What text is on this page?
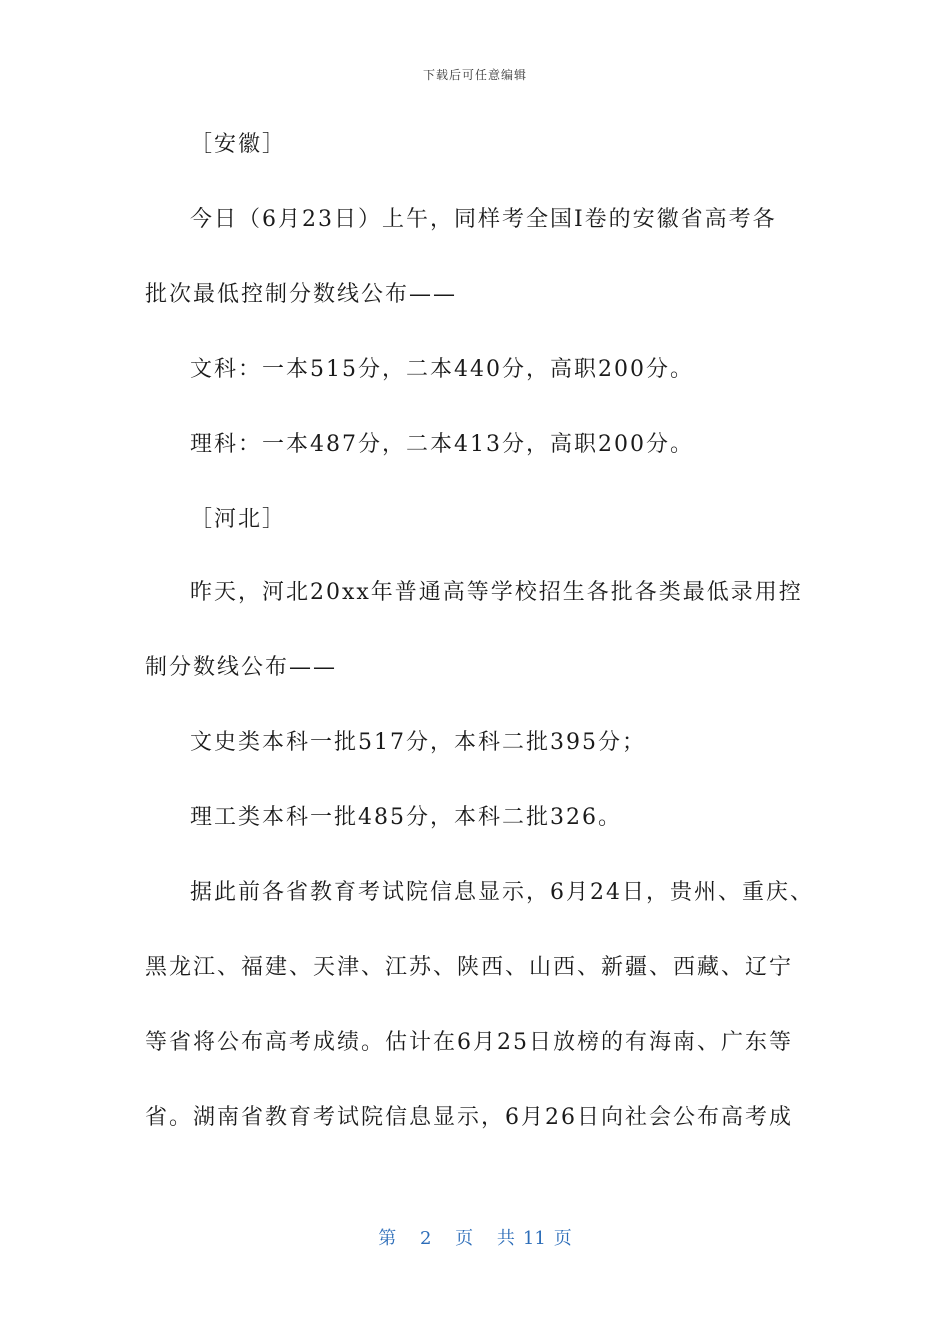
下载后可任意编辑
［安徽］
今日（6月23日）上午，同样考全国Ⅰ卷的安徽省高考各
批次最低控制分数线公布——
文科：一本515分，二本440分，高职200分。
理科：一本487分，二本413分，高职200分。
［河北］
昨天，河北20xx年普通高等学校招生各批各类最低录用控
制分数线公布——
文史类本科一批517分，本科二批395分；
理工类本科一批485分，本科二批326。
据此前各省教育考试院信息显示，6月24日，贵州、重庆、
黑龙江、福建、天津、江苏、陕西、山西、新疆、西藏、辽宁
等省将公布高考成绩。估计在6月25日放榜的有海南、广东等
省。湖南省教育考试院信息显示，6月26日向社会公布高考成
第 2 页 共 11 页
